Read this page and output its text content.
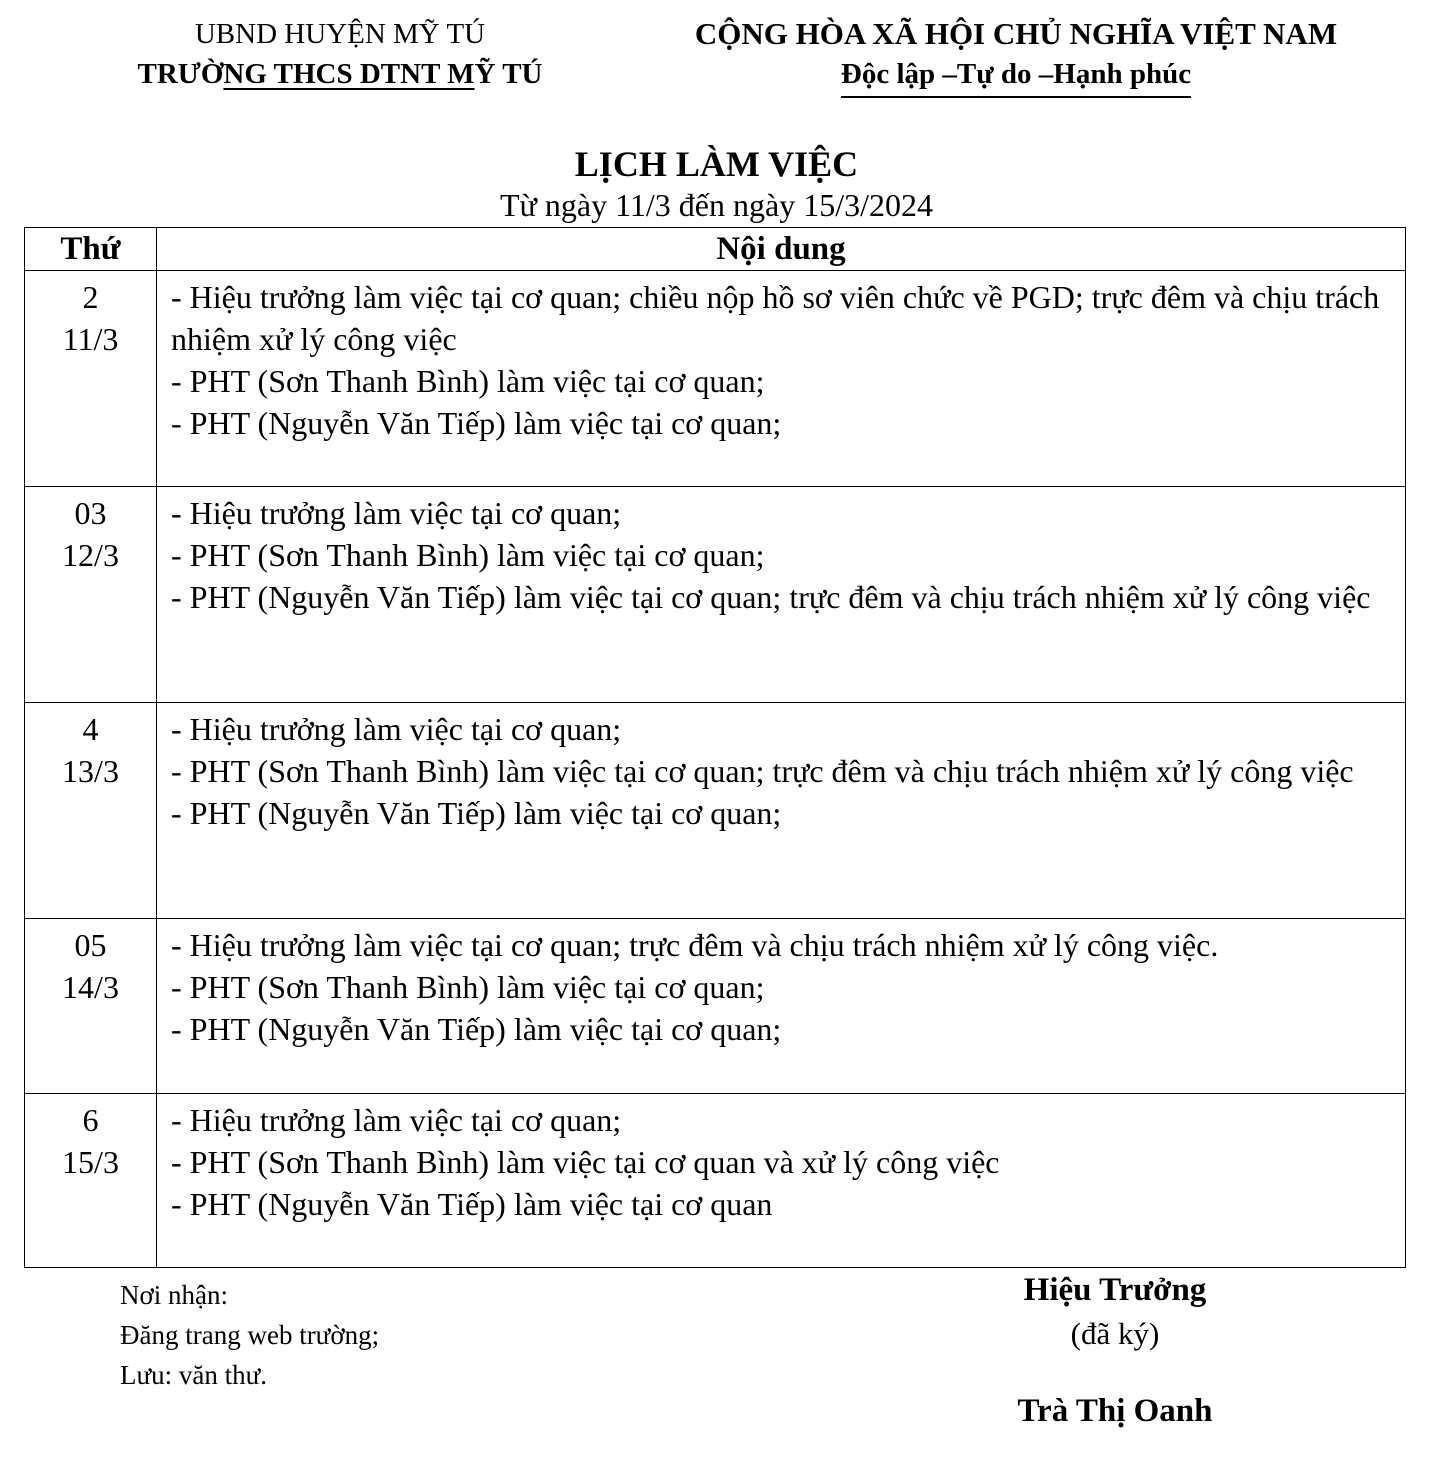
UBND HUYỆN MỸ TÚ
TRƯỜNG THCS DTNT MỸ TÚ
CỘNG HÒA XÃ HỘI CHỦ NGHĨA VIỆT NAM
Độc lập –Tự do –Hạnh phúc
LỊCH LÀM VIỆC
Từ ngày 11/3 đến ngày 15/3/2024
Thứ	Nội dung

2
11/3	- Hiệu trưởng làm việc tại cơ quan; chiều nộp hồ sơ viên chức về PGD; trực đêm và chịu trách nhiệm xử lý công việc
- PHT (Sơn Thanh Bình) làm việc tại cơ quan;
- PHT (Nguyễn Văn Tiếp) làm việc tại cơ quan;

03
12/3	- Hiệu trưởng làm việc tại cơ quan;
- PHT (Sơn Thanh Bình) làm việc tại cơ quan;
- PHT (Nguyễn Văn Tiếp) làm việc tại cơ quan; trực đêm và chịu trách nhiệm xử lý công việc

4
13/3	- Hiệu trưởng làm việc tại cơ quan;
- PHT (Sơn Thanh Bình) làm việc tại cơ quan; trực đêm và chịu trách nhiệm xử lý công việc
- PHT (Nguyễn Văn Tiếp) làm việc tại cơ quan;

05
14/3	- Hiệu trưởng làm việc tại cơ quan; trực đêm và chịu trách nhiệm xử lý công việc.
- PHT (Sơn Thanh Bình) làm việc tại cơ quan;
- PHT (Nguyễn Văn Tiếp) làm việc tại cơ quan;

6
15/3	- Hiệu trưởng làm việc tại cơ quan;
- PHT (Sơn Thanh Bình) làm việc tại cơ quan và xử lý công việc
- PHT (Nguyễn Văn Tiếp) làm việc tại cơ quan
Nơi nhận:
Đăng trang web trường;
Lưu: văn thư.
Hiệu Trưởng
(đã ký)
Trà Thị Oanh
